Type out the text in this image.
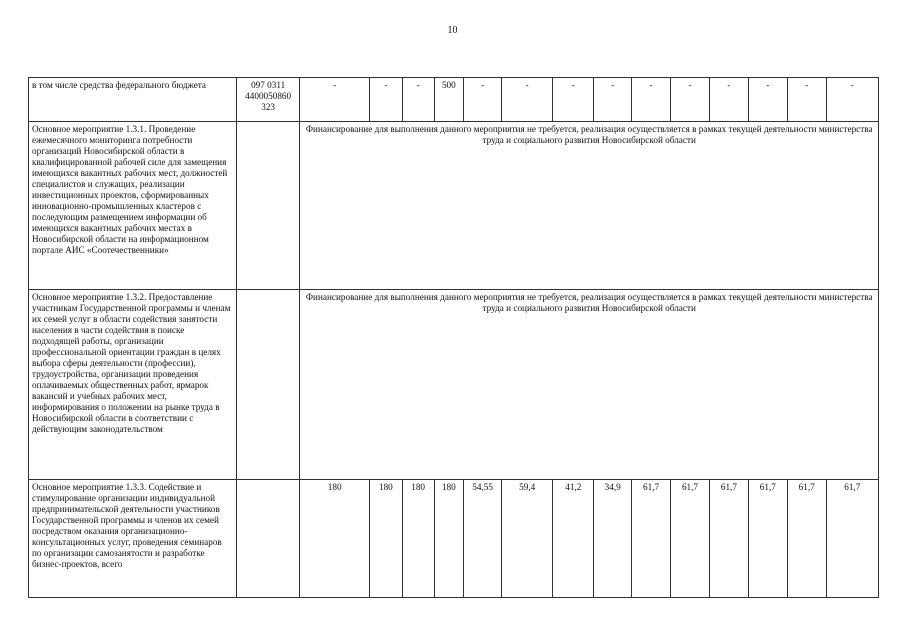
10
в том числе средства федерального бюджета	097 0311 4400050860 323	-	-	-	500	-	-	-	-	-	-	-	-	-	-
Основное мероприятие 1.3.1. Проведение ежемесячного мониторинга потребности организаций Новосибирской области в квалифицированной рабочей силе для замещения имеющихся вакантных рабочих мест, должностей специалистов и служащих, реализации инвестиционных проектов, сформированных инновационно-промышленных кластеров с последующим размещением информации об имеющихся вакантных рабочих местах в Новосибирской области на информационном портале АИС «Соотечественники»		Финансирование для выполнения данного мероприятия не требуется, реализация осуществляется в рамках текущей деятельности министерства труда и социального развития Новосибирской области													
Основное мероприятие 1.3.2. Предоставление участникам Государственной программы и членам их семей услуг в области содействия занятости населения в части содействия в поиске подходящей работы, организации профессиональной ориентации граждан в целях выбора сферы деятельности (профессии), трудоустройства, организации проведения оплачиваемых общественных работ, ярмарок вакансий и учебных рабочих мест, информирования о положении на рынке труда в Новосибирской области в соответствии с действующим законодательством		Финансирование для выполнения данного мероприятия не требуется, реализация осуществляется в рамках текущей деятельности министерства труда и социального развития Новосибирской области													
Основное мероприятие 1.3.3. Содействие и стимулирование организации индивидуальной предпринимательской деятельности участников Государственной программы и членов их семей посредством оказания организационно-консультационных услуг, проведения семинаров по организации самозанятости и разработке бизнес-проектов, всего		180	180	180	180	54,55	59,4	41,2	34,9	61,7	61,7	61,7	61,7	61,7	61,7
